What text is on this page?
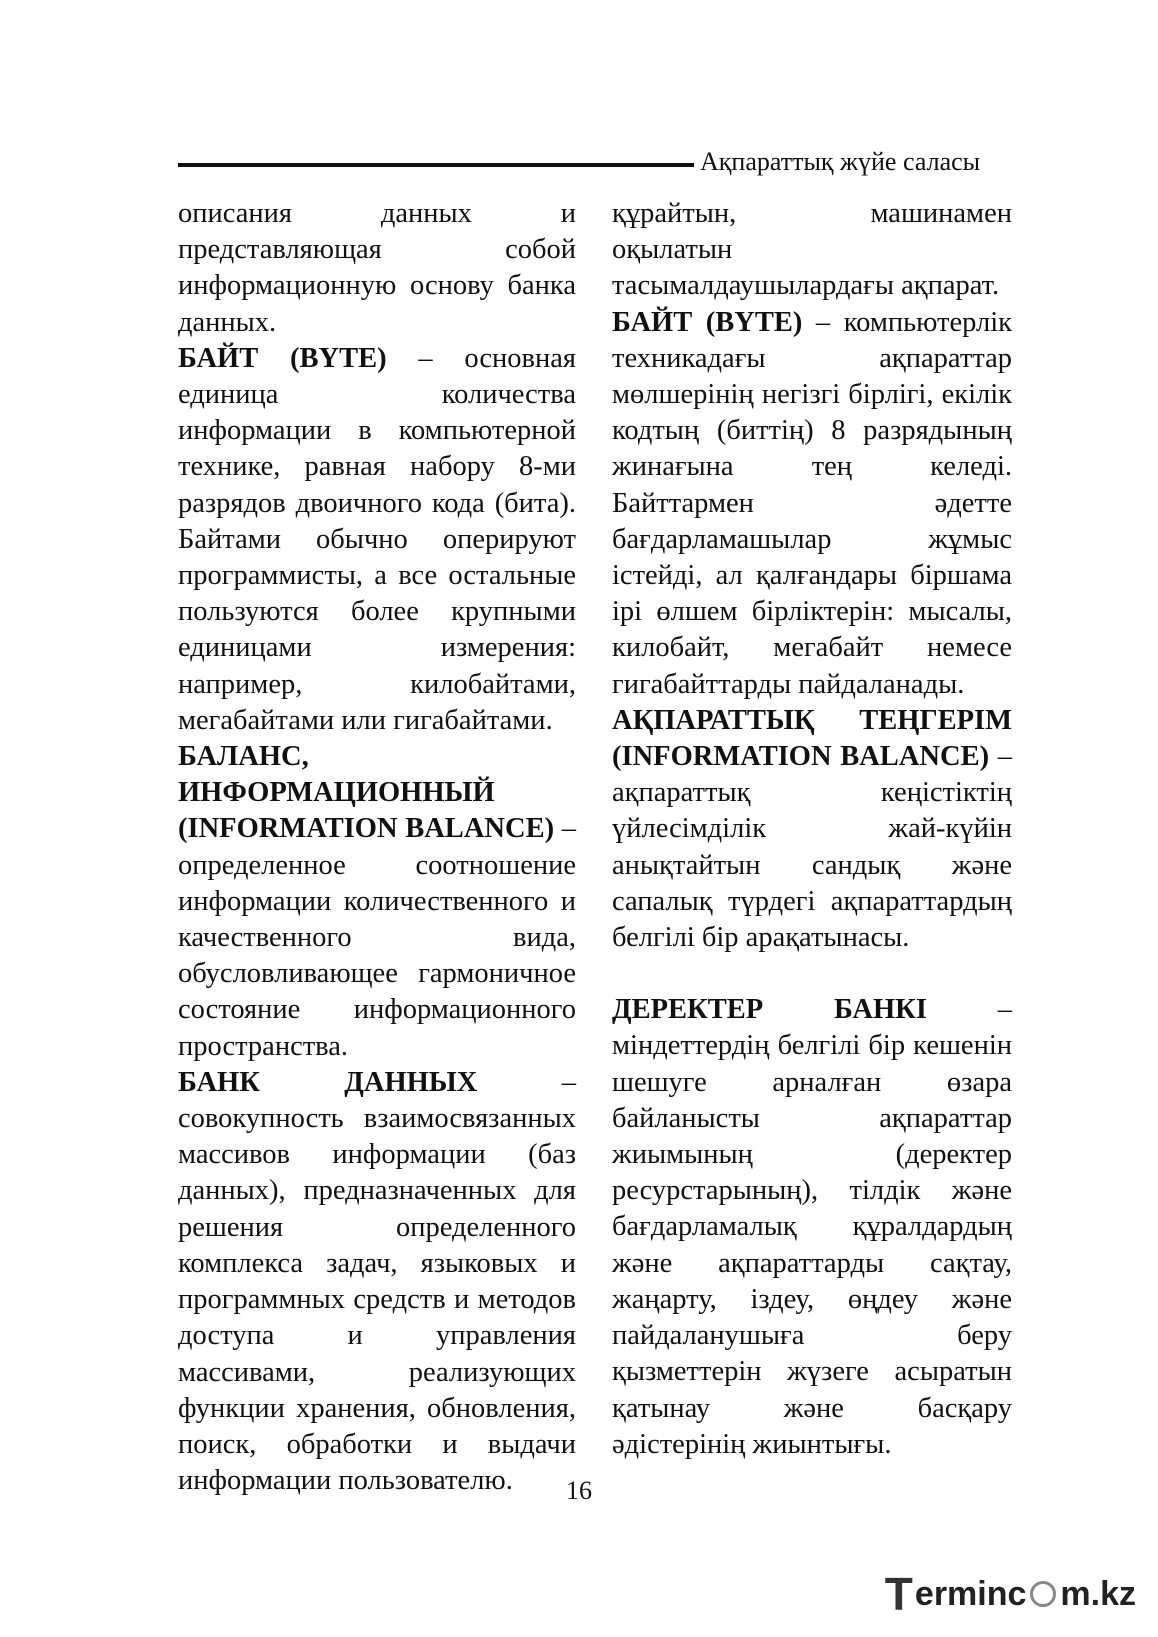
Ақпараттық жүйе саласы

описания данных и представляющая собой информационную основу банка данных.

БАЙТ (BYTE) – основная единица количества информации в компьютерной технике, равная набору 8-ми разрядов двоичного кода (бита). Байтами обычно оперируют программисты, а все остальные пользуются более крупными единицами измерения: например, килобайтами, мегабайтами или гигабайтами.

БАЛАНС, ИНФОРМАЦИОННЫЙ (INFORMATION BALANCE) – определенное соотношение информации количественного и качественного вида, обусловливающее гармоничное состояние информационного пространства.

БАНК ДАННЫХ – совокупность взаимосвязанных массивов информации (баз данных), предназначенных для решения определенного комплекса задач, языковых и программных средств и методов доступа и управления массивами, реализующих функции хранения, обновления, поиск, обработки и выдачи информации пользователю.

құрайтын, машинамен оқылатын тасымалдаушылардағы ақпарат.

БАЙТ (BYTE) – компьютерлік техникадағы ақпараттар мөлшерінің негізгі бірлігі, екілік кодтың (биттің) 8 разрядының жинағына тең келеді. Байттармен әдетте бағдарламашылар жұмыс істейді, ал қалғандары біршама ірі өлшем бірліктерін: мысалы, килобайт, мегабайт немесе гигабайттарды пайдаланады.

АҚПАРАТТЫҚ ТЕҢГЕРІМ (INFORMATION BALANCE) – ақпараттық кеңістіктің үйлесімділік жай-күйін анықтайтын сандық және сапалық түрдегі ақпараттардың белгілі бір арақатынасы.

ДЕРЕКТЕР БАНКІ – міндеттердің белгілі бір кешенін шешуге арналған өзара байланысты ақпараттар жиымының (деректер ресурстарының), тілдік және бағдарламалық құралдардың және ақпараттарды сақтау, жаңарту, іздеу, өңдеу және пайдаланушыға беру қызметтерін жүзеге асыратын қатынау және басқару әдістерінің жиынтығы.

16
T erminc m.kz
